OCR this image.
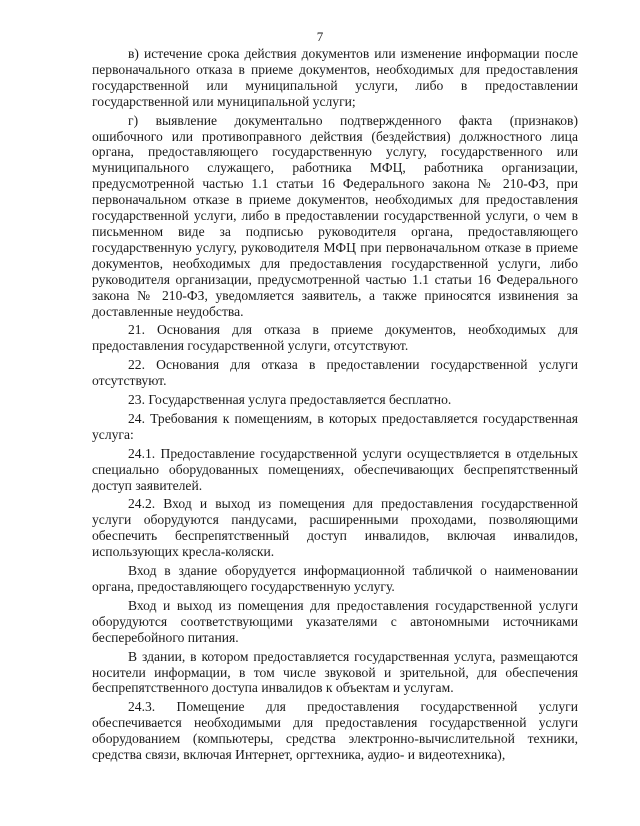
7

в) истечение срока действия документов или изменение информации после первоначального отказа в приеме документов, необходимых для предоставления государственной или муниципальной услуги, либо в предоставлении государственной или муниципальной услуги;

г) выявление документально подтвержденного факта (признаков) ошибочного или противоправного действия (бездействия) должностного лица органа, предоставляющего государственную услугу, государственного или муниципального служащего, работника МФЦ, работника организации, предусмотренной частью 1.1 статьи 16 Федерального закона № 210-ФЗ, при первоначальном отказе в приеме документов, необходимых для предоставления государственной услуги, либо в предоставлении государственной услуги, о чем в письменном виде за подписью руководителя органа, предоставляющего государственную услугу, руководителя МФЦ при первоначальном отказе в приеме документов, необходимых для предоставления государственной услуги, либо руководителя организации, предусмотренной частью 1.1 статьи 16 Федерального закона № 210-ФЗ, уведомляется заявитель, а также приносятся извинения за доставленные неудобства.

21. Основания для отказа в приеме документов, необходимых для предоставления государственной услуги, отсутствуют.

22. Основания для отказа в предоставлении государственной услуги отсутствуют.

23. Государственная услуга предоставляется бесплатно.

24. Требования к помещениям, в которых предоставляется государственная услуга:

24.1. Предоставление государственной услуги осуществляется в отдельных специально оборудованных помещениях, обеспечивающих беспрепятственный доступ заявителей.

24.2. Вход и выход из помещения для предоставления государственной услуги оборудуются пандусами, расширенными проходами, позволяющими обеспечить беспрепятственный доступ инвалидов, включая инвалидов, использующих кресла-коляски.

Вход в здание оборудуется информационной табличкой о наименовании органа, предоставляющего государственную услугу.

Вход и выход из помещения для предоставления государственной услуги оборудуются соответствующими указателями с автономными источниками бесперебойного питания.

В здании, в котором предоставляется государственная услуга, размещаются носители информации, в том числе звуковой и зрительной, для обеспечения беспрепятственного доступа инвалидов к объектам и услугам.

24.3. Помещение для предоставления государственной услуги обеспечивается необходимыми для предоставления государственной услуги оборудованием (компьютеры, средства электронно-вычислительной техники, средства связи, включая Интернет, оргтехника, аудио- и видеотехника),
